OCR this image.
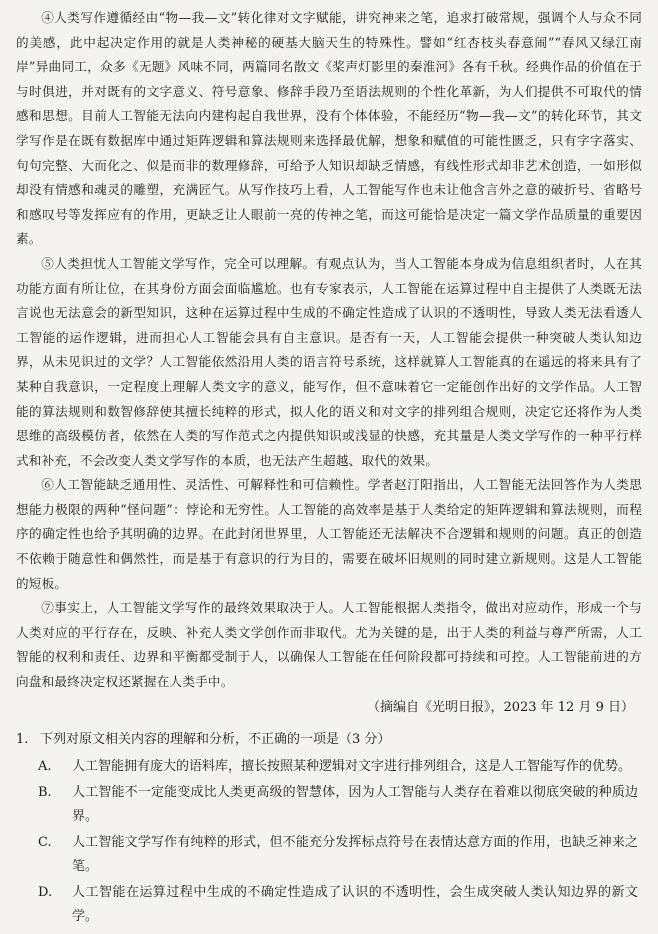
④人类写作遵循经由“物—我—文”转化律对文字赋能，讲究神来之笔，追求打破常规，强调个人与众不同的美感，此中起决定作用的就是人类神秘的硬基大脑天生的特殊性。譬如“红杏枝头春意闹”“春风又绿江南岸”异曲同工，众多《无题》风味不同，两篇同名散文《桨声灯影里的秦淮河》各有千秋。经典作品的价值在于与时俱进，并对既有的文字意义、符号意象、修辞手段乃至语法规则的个性化革新，为人们提供不可取代的情感和思想。目前人工智能无法向内建构起自我世界，没有个体体验，不能经历“物—我—文”的转化环节，其文学写作是在既有数据库中通过矩阵逻辑和算法规则来选择最优解，想象和赋值的可能性匮乏，只有字字落实、句句完整、大而化之、似是而非的数理修辞，可给予人知识却缺乏情感，有线性形式却非艺术创造，一如形似却没有情感和魂灵的雕塑，充满匠气。从写作技巧上看，人工智能写作也未让他含言外之意的破折号、省略号和感叹号等发挥应有的作用，更缺乏让人眼前一亮的传神之笔，而这可能恰是决定一篇文学作品质量的重要因素。

⑤人类担忧人工智能文学写作，完全可以理解。有观点认为，当人工智能本身成为信息组织者时，人在其功能方面有所让位，在其身份方面会面临尴尬。也有专家表示，人工智能在运算过程中自主提供了人类既无法言说也无法意会的新型知识，这种在运算过程中生成的不确定性造成了认识的不透明性，导致人类无法看透人工智能的运作逻辑，进而担心人工智能会具有自主意识。是否有一天，人工智能会提供一种突破人类认知边界，从未见识过的文学？人工智能依然沿用人类的语言符号系统，这样就算人工智能真的在遥远的将来具有了某种自我意识，一定程度上理解人类文字的意义，能写作，但不意味着它一定能创作出好的文学作品。人工智能的算法规则和数智修辞使其擅长纯粹的形式，拟人化的语义和对文字的排列组合规则，决定它还将作为人类思维的高级模仿者，依然在人类的写作范式之内提供知识或浅显的快感，充其量是人类文学写作的一种平行样式和补充，不会改变人类文学写作的本质，也无法产生超越、取代的效果。

⑥人工智能缺乏通用性、灵活性、可解释性和可信赖性。学者赵汀阳指出，人工智能无法回答作为人类思想能力极限的两种“怪问题”：悖论和无穷性。人工智能的高效率是基于人类给定的矩阵逻辑和算法规则，而程序的确定性也给予其明确的边界。在此封闭世界里，人工智能还无法解决不合逻辑和规则的问题。真正的创造不依赖于随意性和偶然性，而是基于有意识的行为目的，需要在破坏旧规则的同时建立新规则。这是人工智能的短板。

⑦事实上，人工智能文学写作的最终效果取决于人。人工智能根据人类指令，做出对应动作，形成一个与人类对应的平行存在，反映、补充人类文学创作而非取代。尤为关键的是，出于人类的利益与尊严所需，人工智能的权利和责任、边界和平衡都受制于人，以确保人工智能在任何阶段都可持续和可控。人工智能前进的方向盘和最终决定权还紧握在人类手中。

（摘编自《光明日报》，2023 年 12 月 9 日）

1. 下列对原文相关内容的理解和分析，不正确的一项是（3 分）

A. 人工智能拥有庞大的语料库，擅长按照某种逻辑对文字进行排列组合，这是人工智能写作的优势。
B. 人工智能不一定能变成比人类更高级的智慧体，因为人工智能与人类存在着难以彻底突破的种质边界。
C. 人工智能文学写作有纯粹的形式，但不能充分发挥标点符号在表情达意方面的作用，也缺乏神来之笔。
D. 人工智能在运算过程中生成的不确定性造成了认识的不透明性，会生成突破人类认知边界的新文学。
